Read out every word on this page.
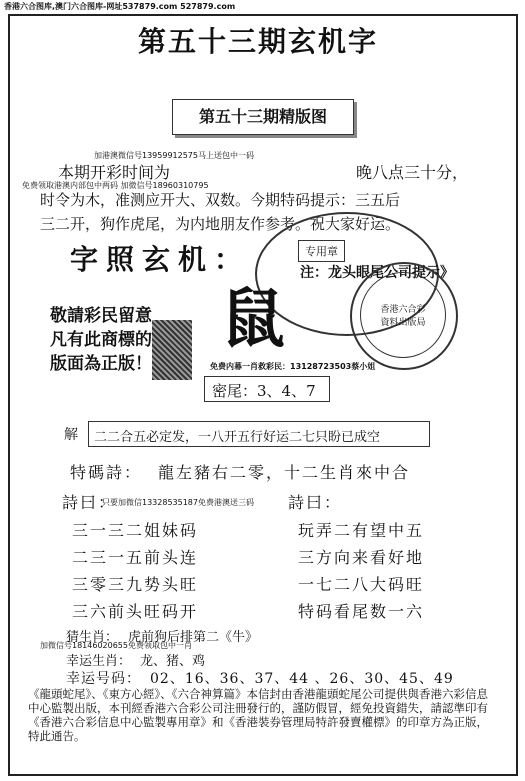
香港六合图库,澳门六合图库-网址537879.com 527879.com
第五十三期玄机字
第五十三期精版图
加港澳微信号13959912575马上送包中一码
本期开彩时间为
免费领取港澳内部包中两码 加微信号18960310795
晚八点三十分，
时令为木，准测应开大、双数。今期特码提示：三五后
三二开，狗作虎尾，为内地朋友作参考。祝大家好运。
专用章
注：龙头眼尾公司提示》
字照玄机：
香港六合彩資料出版局
敬請彩民留意
凡有此商標的
版面為正版！
鼠
免费内幕一肖救彩民：13128723503蔡小姐
密尾：3、4、7
解 二二合五必定发，一八开五行好运二七只盼已成空
特碼詩： 龍左豬右二零，十二生肖來中合
詩曰：
只要加微信13328535187免费港澳送三码 詩曰：
三一三二姐妹码
二三一五前头连
三零三九势头旺
三六前头旺码开
玩弄二有望中五
三方向来看好地
一七二八大码旺
特码看尾数一六
猜生肖： 虎前狗后排第二《牛》
加微信号18146020655免费领取包中一肖
幸运生肖： 龙、猪、鸡
幸运号码： 02、16、36、37、44 、26、30、45、49
《龍頭蛇尾》、《東方心經》、《六合神算篇》本信封由香港龍頭蛇尾公司提供與香港六彩信息中心監製出版，本刊經香港六合彩公司注冊發行的，謹防假冒，經免投資錯失，請認準印有《香港六合彩信息中心監製專用章》和《香港裝券管理局特許發賣權標》的印章方為正版，特此通告。
